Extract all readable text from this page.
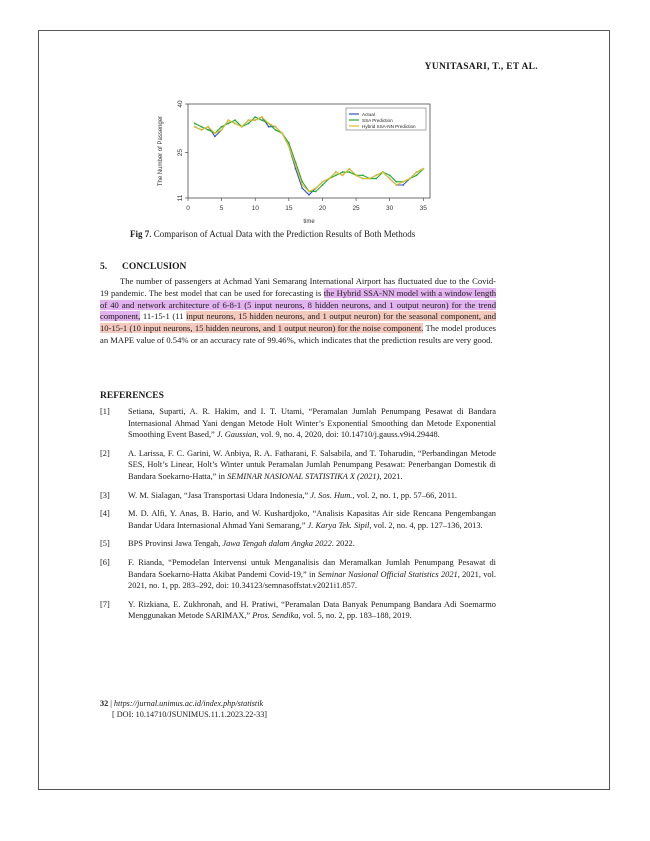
YUNITASARI, T., ET AL.
0	5	10	15	20	25	30	35
11
25
40
time
The Number of Passenger
Actual
SSA Prediction
Hybrid SSA-NN Prediction
Fig 7. Comparison of Actual Data with the Prediction Results of Both Methods
5. CONCLUSION
The number of passengers at Achmad Yani Semarang International Airport has fluctuated due to the Covid-19 pandemic. The best model that can be used for forecasting is the Hybrid SSA-NN model with a window length of 40 and network architecture of 6-8-1 (5 input neurons, 8 hidden neurons, and 1 output neuron) for the trend component, 11-15-1 (11 input neurons, 15 hidden neurons, and 1 output neuron) for the seasonal component, and 10-15-1 (10 input neurons, 15 hidden neurons, and 1 output neuron) for the noise component. The model produces an MAPE value of 0.54% or an accuracy rate of 99.46%, which indicates that the prediction results are very good.
REFERENCES
[1]	Setiana, Suparti, A. R. Hakim, and I. T. Utami, “Peramalan Jumlah Penumpang Pesawat di Bandara Internasional Ahmad Yani dengan Metode Holt Winter’s Exponential Smoothing dan Metode Exponential Smoothing Event Based,” J. Gaussian, vol. 9, no. 4, 2020, doi: 10.14710/j.gauss.v9i4.29448.
[2]	A. Larissa, F. C. Garini, W. Anbiya, R. A. Fatharani, F. Salsabila, and T. Toharudin, “Perbandingan Metode SES, Holt’s Linear, Holt’s Winter untuk Peramalan Jumlah Penumpang Pesawat: Penerbangan Domestik di Bandara Soekarno-Hatta,” in SEMINAR NASIONAL STATISTIKA X (2021), 2021.
[3]	W. M. Sialagan, “Jasa Transportasi Udara Indonesia,” J. Sos. Hum., vol. 2, no. 1, pp. 57–66, 2011.
[4]	M. D. Alfi, Y. Anas, B. Hario, and W. Kushardjoko, “Analisis Kapasitas Air side Rencana Pengembangan Bandar Udara Internasional Ahmad Yani Semarang,” J. Karya Tek. Sipil, vol. 2, no. 4, pp. 127–136, 2013.
[5]	BPS Provinsi Jawa Tengah, Jawa Tengah dalam Angka 2022. 2022.
[6]	F. Rianda, “Pemodelan Intervensi untuk Menganalisis dan Meramalkan Jumlah Penumpang Pesawat di Bandara Soekarno-Hatta Akibat Pandemi Covid-19,” in Seminar Nasional Official Statistics 2021, 2021, vol. 2021, no. 1, pp. 283–292, doi: 10.34123/semnasoffstat.v2021i1.857.
[7]	Y. Rizkiana, E. Zukhronah, and H. Pratiwi, “Peramalan Data Banyak Penumpang Bandara Adi Soemarmo Menggunakan Metode SARIMAX,” Pros. Sendika, vol. 5, no. 2, pp. 183–188, 2019.
32 | https://jurnal.unimus.ac.id/index.php/statistik
[ DOI: 10.14710/JSUNIMUS.11.1.2023.22-33]
